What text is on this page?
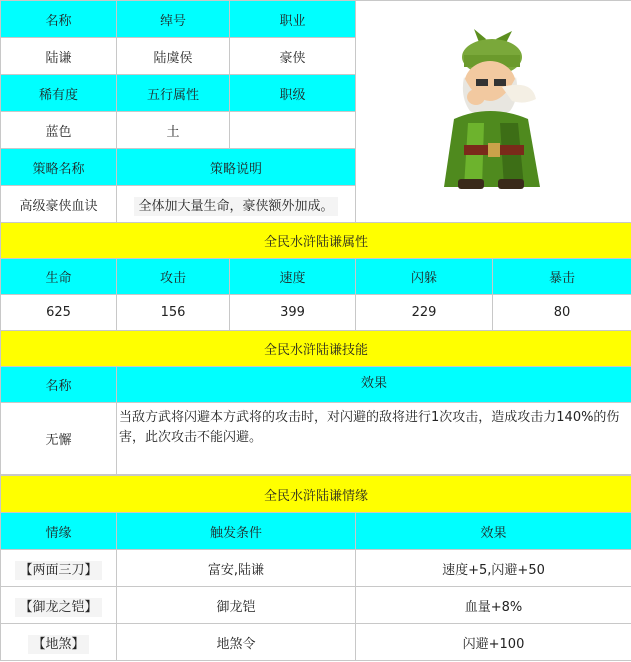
名称	绰号	职业	
陆谦	陆虞侯	豪侠	
稀有度	五行属性	职级	
蓝色	土		
策略名称	策略说明		
高级豪侠血诀	全体加大量生命，豪侠额外加成。		
全民水浒陆谦属性				
生命	攻击	速度	闪躲	暴击
625	156	399	229	80
全民水浒陆谦技能	
名称	效果
无懈	当敌方武将闪避本方武将的攻击时，对闪避的敌将进行1次攻击，造成攻击力140%的伤害，此次攻击不能闪避。
全民水浒陆谦情缘		
情缘	触发条件	效果
【两面三刀】	富安,陆谦	速度+5,闪避+50
【御龙之铠】	御龙铠	血量+8%
【地煞】	地煞令	闪避+100
